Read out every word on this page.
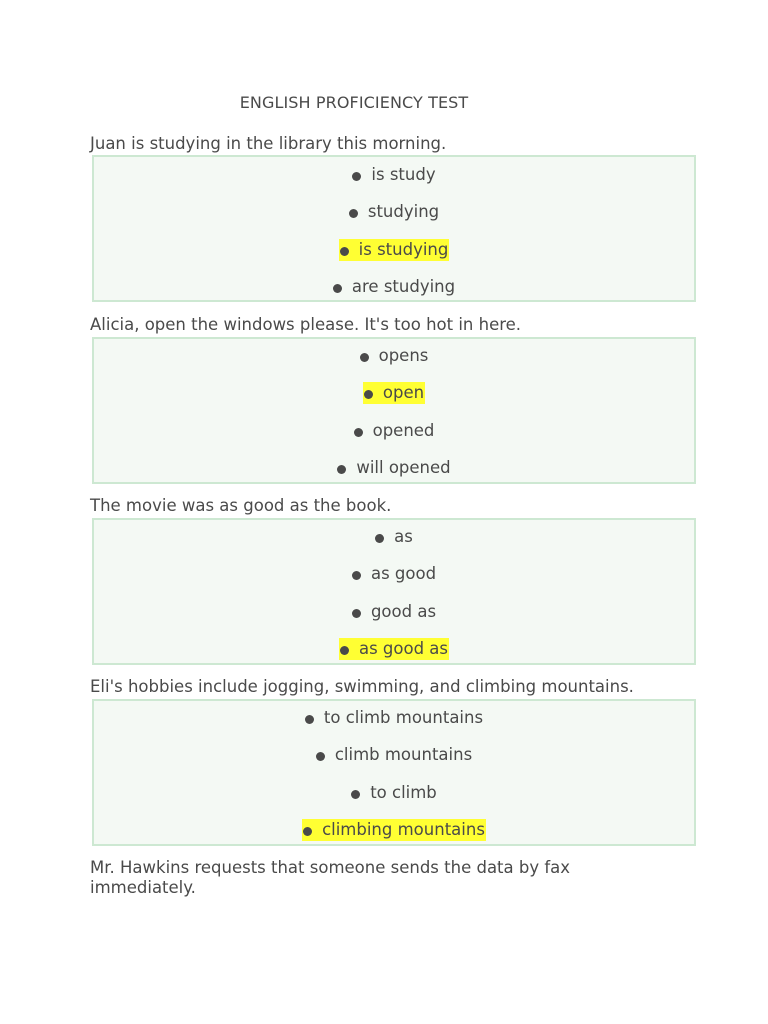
ENGLISH PROFICIENCY TEST
Juan is studying in the library this morning.
is study
studying
is studying
are studying
Alicia, open the windows please. It's too hot in here.
opens
open
opened
will opened
The movie was as good as the book.
as
as good
good as
as good as
Eli's hobbies include jogging, swimming, and climbing mountains.
to climb mountains
climb mountains
to climb
climbing mountains
Mr. Hawkins requests that someone sends the data by fax immediately.
